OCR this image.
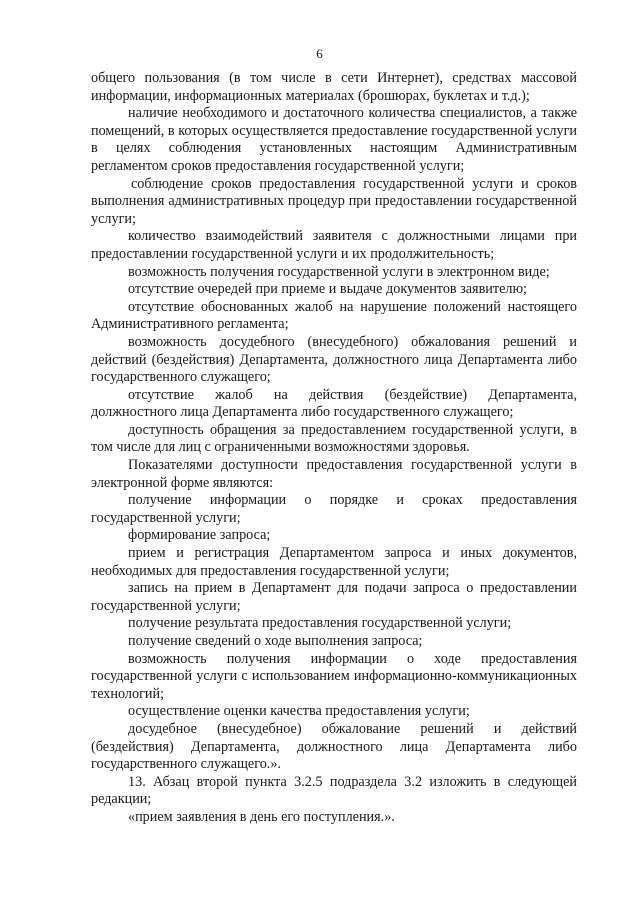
6

общего пользования (в том числе в сети Интернет), средствах массовой информации, информационных материалах (брошюрах, буклетах и т.д.);

наличие необходимого и достаточного количества специалистов, а также помещений, в которых осуществляется предоставление государственной услуги в целях соблюдения установленных настоящим Административным регламентом сроков предоставления государственной услуги;

соблюдение сроков предоставления государственной услуги и сроков выполнения административных процедур при предоставлении государственной услуги;

количество взаимодействий заявителя с должностными лицами при предоставлении государственной услуги и их продолжительность;

возможность получения государственной услуги в электронном виде;

отсутствие очередей при приеме и выдаче документов заявителю;

отсутствие обоснованных жалоб на нарушение положений настоящего Административного регламента;

возможность досудебного (внесудебного) обжалования решений и действий (бездействия) Департамента, должностного лица Департамента либо государственного служащего;

отсутствие жалоб на действия (бездействие) Департамента, должностного лица Департамента либо государственного служащего;

доступность обращения за предоставлением государственной услуги, в том числе для лиц с ограниченными возможностями здоровья.

Показателями доступности предоставления государственной услуги в электронной форме являются:

получение информации о порядке и сроках предоставления государственной услуги;

формирование запроса;

прием и регистрация Департаментом запроса и иных документов, необходимых для предоставления государственной услуги;

запись на прием в Департамент для подачи запроса о предоставлении государственной услуги;

получение результата предоставления государственной услуги;

получение сведений о ходе выполнения запроса;

возможность получения информации о ходе предоставления государственной услуги с использованием информационно-коммуникационных технологий;

осуществление оценки качества предоставления услуги;

досудебное (внесудебное) обжалование решений и действий (бездействия) Департамента, должностного лица Департамента либо государственного служащего.».

13. Абзац второй пункта 3.2.5 подраздела 3.2 изложить в следующей редакции;

«прием заявления в день его поступления.».
